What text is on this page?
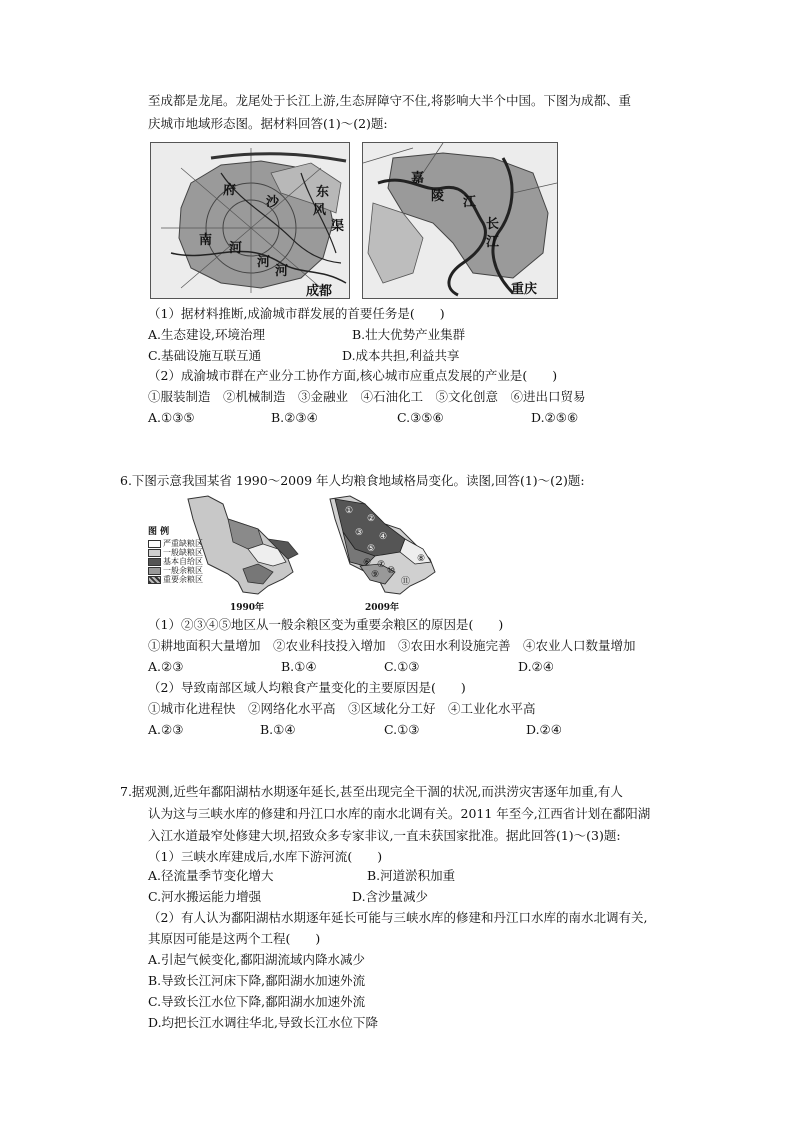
至成都是龙尾。龙尾处于长江上游,生态屏障守不住,将影响大半个中国。下图为成都、重
庆城市地域形态图。据材料回答(1)～(2)题:
府
沙
东
风
渠
南
河
河
河
成都
嘉
陵 江
长
江
重庆
（1）据材料推断,成渝城市群发展的首要任务是(　　)
A.生态建设,环境治理	B.壮大优势产业集群
C.基础设施互联互通	D.成本共担,利益共享
（2）成渝城市群在产业分工协作方面,核心城市应重点发展的产业是(　　)
①服装制造　②机械制造　③金融业　④石油化工　⑤文化创意　⑥进出口贸易
A.①③⑤	B.②③④	C.③⑤⑥	D.②⑤⑥
6.下图示意我国某省 1990～2009 年人均粮食地域格局变化。读图,回答(1)～(2)题:
图 例
严重缺粮区
一般缺粮区
基本自给区
一般余粮区
重要余粮区
1990年
①
②
③ ④
⑤
⑥ ⑦
⑧
⑨ ⑩
⑪
2009年
（1）②③④⑤地区从一般余粮区变为重要余粮区的原因是(　　)
①耕地面积大量增加　②农业科技投入增加　③农田水利设施完善　④农业人口数量增加
A.②③	B.①④	C.①③	D.②④
（2）导致南部区域人均粮食产量变化的主要原因是(　　)
①城市化进程快　②网络化水平高　③区域化分工好　④工业化水平高
A.②③	B.①④	C.①③	D.②④
7.据观测,近些年鄱阳湖枯水期逐年延长,甚至出现完全干涸的状况,而洪涝灾害逐年加重,有人
认为这与三峡水库的修建和丹江口水库的南水北调有关。2011 年至今,江西省计划在鄱阳湖
入江水道最窄处修建大坝,招致众多专家非议,一直未获国家批准。据此回答(1)～(3)题:
（1）三峡水库建成后,水库下游河流(　　)
A.径流量季节变化增大	B.河道淤积加重
C.河水搬运能力增强	D.含沙量减少
（2）有人认为鄱阳湖枯水期逐年延长可能与三峡水库的修建和丹江口水库的南水北调有关,
其原因可能是这两个工程(　　)
A.引起气候变化,鄱阳湖流域内降水减少
B.导致长江河床下降,鄱阳湖水加速外流
C.导致长江水位下降,鄱阳湖水加速外流
D.均把长江水调往华北,导致长江水位下降
